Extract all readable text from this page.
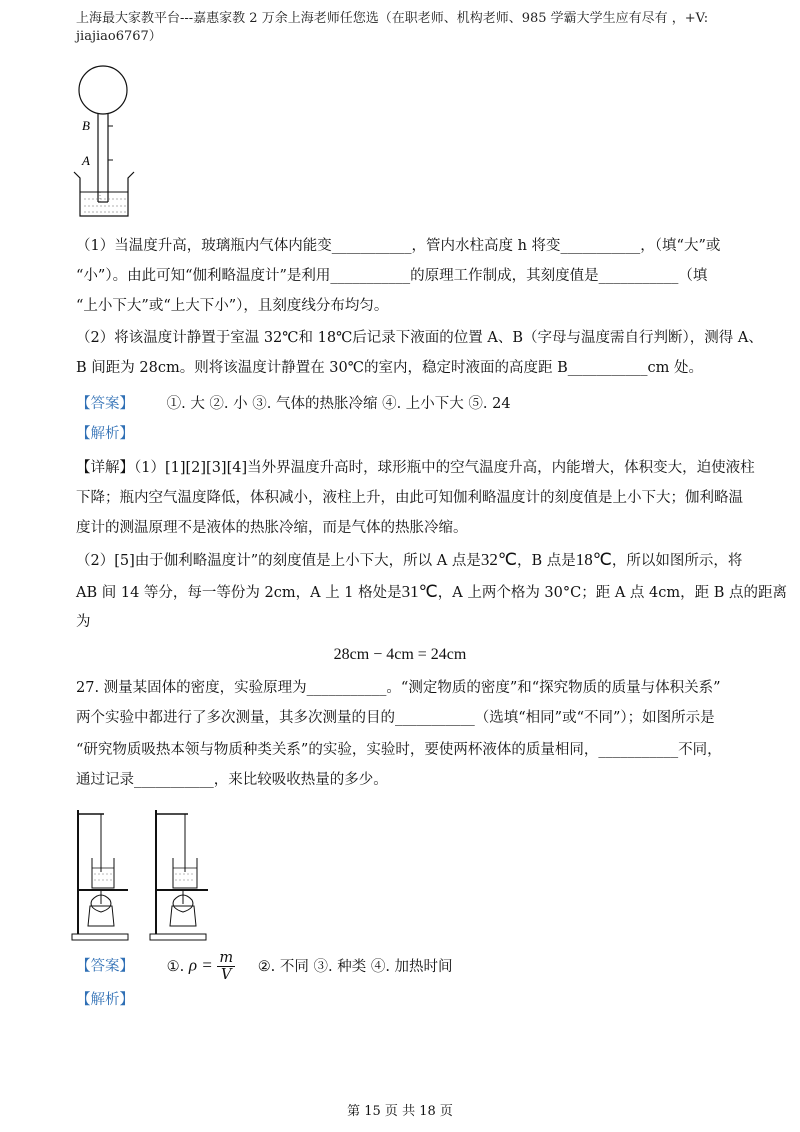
上海最大家教平台---嘉惠家教 2 万余上海老师任您选（在职老师、机构老师、985 学霸大学生应有尽有 ，+V:
jiajiao6767）
B
A
（1）当温度升高，玻璃瓶内气体内能变___________，管内水柱高度 h 将变___________，（填“大”或
“小”）。由此可知“伽利略温度计”是利用___________的原理工作制成，其刻度值是___________（填
“上小下大”或“上大下小”），且刻度线分布均匀。
（2）将该温度计静置于室温 32℃和 18℃后记录下液面的位置 A、B（字母与温度需自行判断），测得 A、
B 间距为 28cm。则将该温度计静置在 30℃的室内，稳定时液面的高度距 B___________cm 处。
【答案】 ①. 大 ②. 小 ③. 气体的热胀冷缩 ④. 上小下大 ⑤. 24
【解析】
【详解】（1）[1][2][3][4]当外界温度升高时，球形瓶中的空气温度升高，内能增大，体积变大，迫使液柱
下降；瓶内空气温度降低，体积减小，液柱上升，由此可知伽利略温度计的刻度值是上小下大；伽利略温
度计的测温原理不是液体的热胀冷缩，而是气体的热胀冷缩。
（2）[5]由于伽利略温度计”的刻度值是上小下大，所以 A 点是32℃，B 点是18℃，所以如图所示，将
AB 间 14 等分，每一等份为 2cm，A 上 1 格处是31℃，A 上两个格为 30°C；距 A 点 4cm，距 B 点的距离
为
28cm − 4cm = 24cm
27. 测量某固体的密度，实验原理为___________。“测定物质的密度”和“探究物质的质量与体积关系”
两个实验中都进行了多次测量，其多次测量的目的___________（选填“相同”或“不同”）；如图所示是
“研究物质吸热本领与物质种类关系”的实验，实验时，要使两杯液体的质量相同，___________不同，
通过记录___________，来比较吸收热量的多少。
【答案】 ①. $\rho = \frac{m}{V}$ ②. 不同 ③. 种类 ④. 加热时间
【解析】
第 15 页 共 18 页
